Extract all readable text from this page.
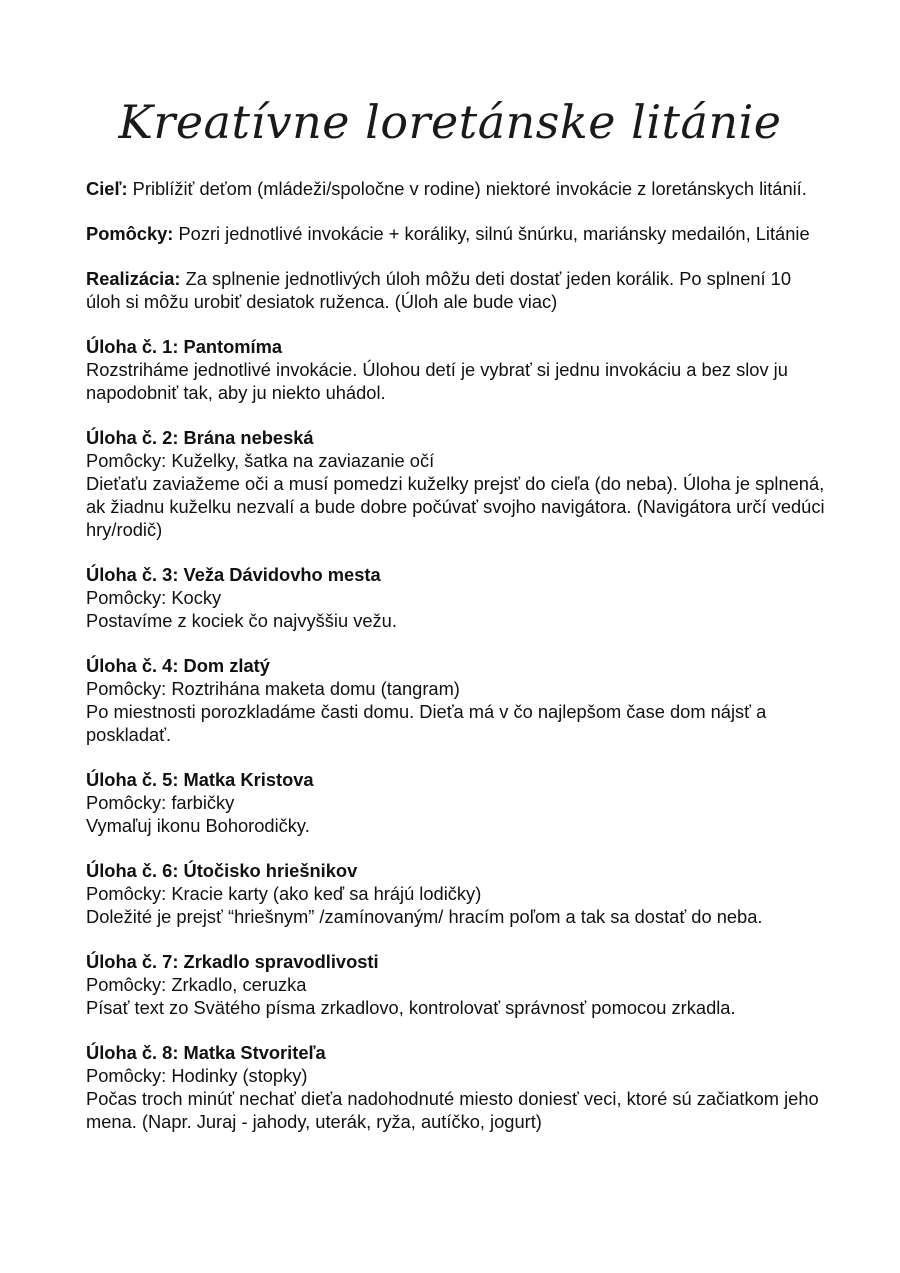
Kreatívne loretánske litánie

Cieľ: Priblížiť deťom (mládeži/spoločne v rodine) niektoré invokácie z loretánskych litánií.

Pomôcky: Pozri jednotlivé invokácie + koráliky, silnú šnúrku, mariánsky medailón, Litánie

Realizácia: Za splnenie jednotlivých úloh môžu deti dostať jeden korálik. Po splnení 10 úloh si môžu urobiť desiatok ruženca. (Úloh ale bude viac)

Úloha č. 1: Pantomíma
Rozstriháme jednotlivé invokácie. Úlohou detí je vybrať si jednu invokáciu a bez slov ju napodobniť tak, aby ju niekto uhádol.
Úloha č. 2: Brána nebeská
Pomôcky: Kuželky, šatka na zaviazanie očí
Dieťaťu zaviažeme oči a musí pomedzi kuželky prejsť do cieľa (do neba). Úloha je splnená, ak žiadnu kuželku nezvalí a bude dobre počúvať svojho navigátora. (Navigátora určí vedúci hry/rodič)
Úloha č. 3: Veža Dávidovho mesta
Pomôcky: Kocky
Postavíme z kociek čo najvyššiu vežu.
Úloha č. 4: Dom zlatý
Pomôcky: Roztrihána maketa domu (tangram)
Po miestnosti porozkladáme časti domu. Dieťa má v čo najlepšom čase dom nájsť a poskladať.
Úloha č. 5: Matka Kristova
Pomôcky: farbičky
Vymaľuj ikonu Bohorodičky.
Úloha č. 6: Útočisko hriešnikov
Pomôcky: Kracie karty (ako keď sa hrájú lodičky)
Doležité je prejsť “hriešnym” /zamínovaným/ hracím poľom a tak sa dostať do neba.
Úloha č. 7: Zrkadlo spravodlivosti
Pomôcky: Zrkadlo, ceruzka
Písať text zo Svätého písma zrkadlovo, kontrolovať správnosť pomocou zrkadla.
Úloha č. 8: Matka Stvoriteľa
Pomôcky: Hodinky (stopky)
Počas troch minúť nechať dieťa nadohodnuté miesto doniesť veci, ktoré sú začiatkom jeho mena. (Napr. Juraj - jahody, uterák, ryža, autíčko, jogurt)
